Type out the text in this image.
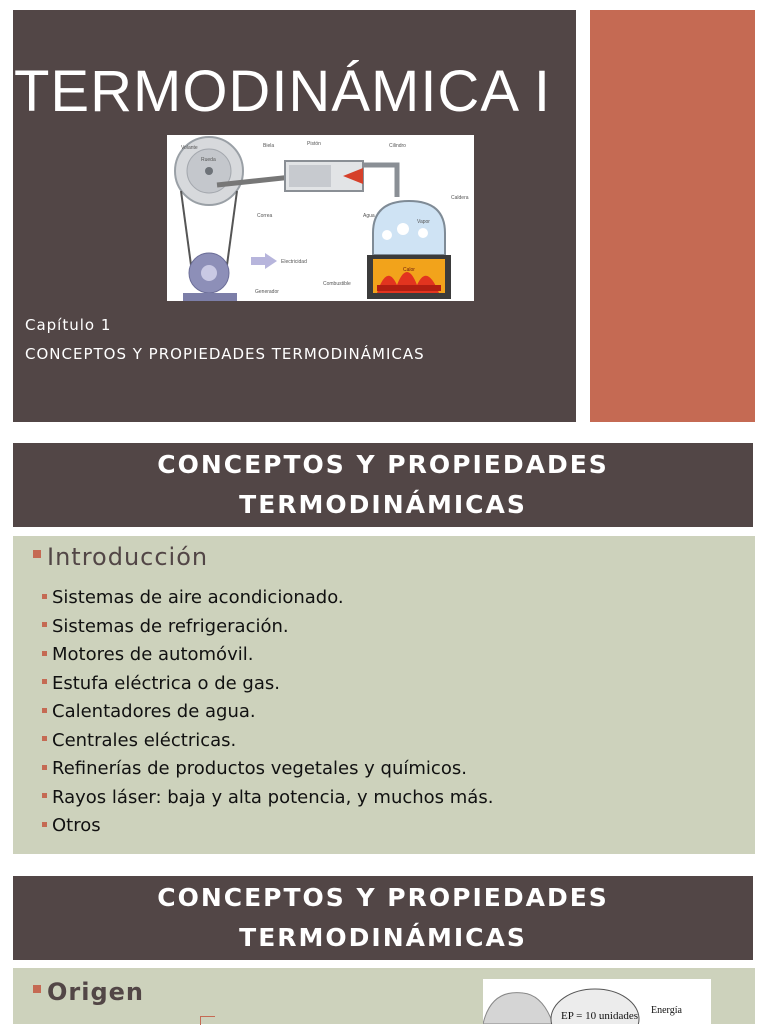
TERMODINÁMICA I
Volante
Rueda
Biela	Pistón	Cilindro
Caldera
Agua
Vapor
Correa
Electricidad
Generador
Calor
Combustible
Capítulo 1
CONCEPTOS Y PROPIEDADES TERMODINÁMICAS
CONCEPTOS Y PROPIEDADES
TERMODINÁMICAS
Introducción
Sistemas de aire acondicionado.
Sistemas de refrigeración.
Motores de automóvil.
Estufa eléctrica o de gas.
Calentadores de agua.
Centrales eléctricas.
Refinerías de productos vegetales y químicos.
Rayos láser: baja y alta potencia, y muchos más.
Otros
CONCEPTOS Y PROPIEDADES
TERMODINÁMICAS
Origen
EP = 10 unidades Energía
